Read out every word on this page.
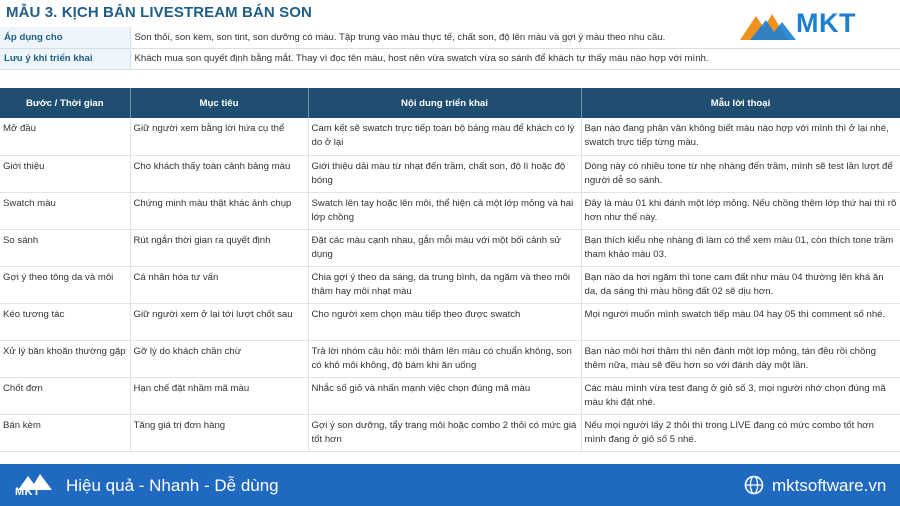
MẪU 3. KỊCH BẢN LIVESTREAM BÁN SON	MKT
Áp dụng cho	Son thỏi, son kem, son tint, son dưỡng có màu. Tập trung vào màu thực tế, chất son, độ lên màu và gợi ý màu theo nhu cầu.
Lưu ý khi triển khai	Khách mua son quyết định bằng mắt. Thay vì đọc tên màu, host nên vừa swatch vừa so sánh để khách tự thấy màu nào hợp với mình.
Bước / Thời gian	Mục tiêu	Nội dung triển khai	Mẫu lời thoại

Mở đầu	Giữ người xem bằng lời hứa cụ thể	Cam kết sẽ swatch trực tiếp toàn bộ bảng màu để khách có lý do ở lại	Bạn nào đang phân vân không biết màu nào hợp với mình thì ở lại nhé, swatch trực tiếp từng màu.

Giới thiệu	Cho khách thấy toàn cảnh bảng màu	Giới thiệu dải màu từ nhạt đến trầm, chất son, độ lì hoặc độ bóng	Dòng này có nhiều tone từ nhẹ nhàng đến trầm, mình sẽ test lần lượt để người dễ so sánh.

Swatch màu	Chứng minh màu thật khác ảnh chụp	Swatch lên tay hoặc lên môi, thể hiện cả một lớp mỏng và hai lớp chồng	Đây là màu 01 khi đánh một lớp mỏng. Nếu chồng thêm lớp thứ hai thì rõ hơn như thế này.

So sánh	Rút ngắn thời gian ra quyết định	Đặt các màu cạnh nhau, gắn mỗi màu với một bối cảnh sử dụng	Bạn thích kiểu nhẹ nhàng đi làm có thể xem màu 01, còn thích tone trầm tham khảo màu 03.

Gợi ý theo tông da và môi	Cá nhân hóa tư vấn	Chia gợi ý theo da sáng, da trung bình, da ngăm và theo môi thâm hay môi nhạt màu	Bạn nào da hơi ngăm thì tone cam đất như màu 04 thường lên khá ăn da, da sáng thì màu hồng đất 02 sẽ dịu hơn.

Kéo tương tác	Giữ người xem ở lại tới lượt chốt sau	Cho người xem chọn màu tiếp theo được swatch	Mọi người muốn mình swatch tiếp màu 04 hay 05 thì comment số nhé.

Xử lý băn khoăn thường gặp	Gỡ lý do khách chần chừ	Trả lời nhóm câu hỏi: môi thâm lên màu có chuẩn không, son có khô môi không, độ bám khi ăn uống	Bạn nào môi hơi thâm thì nên đánh một lớp mỏng, tán đều rồi chồng thêm nữa, màu sẽ đều hơn so với đánh dày một lần.

Chốt đơn	Hạn chế đặt nhầm mã màu	Nhắc số giỏ và nhấn mạnh việc chọn đúng mã màu	Các màu mình vừa test đang ở giỏ số 3, mọi người nhớ chọn đúng mã màu khi đặt nhé.

Bán kèm	Tăng giá trị đơn hàng	Gợi ý son dưỡng, tẩy trang môi hoặc combo 2 thỏi có mức giá tốt hơn	Nếu mọi người lấy 2 thỏi thì trong LIVE đang có mức combo tốt hơn mình đang ở giỏ số 5 nhé.
MKT Hiệu quả - Nhanh - Dễ dùng	mktsoftware.vn
